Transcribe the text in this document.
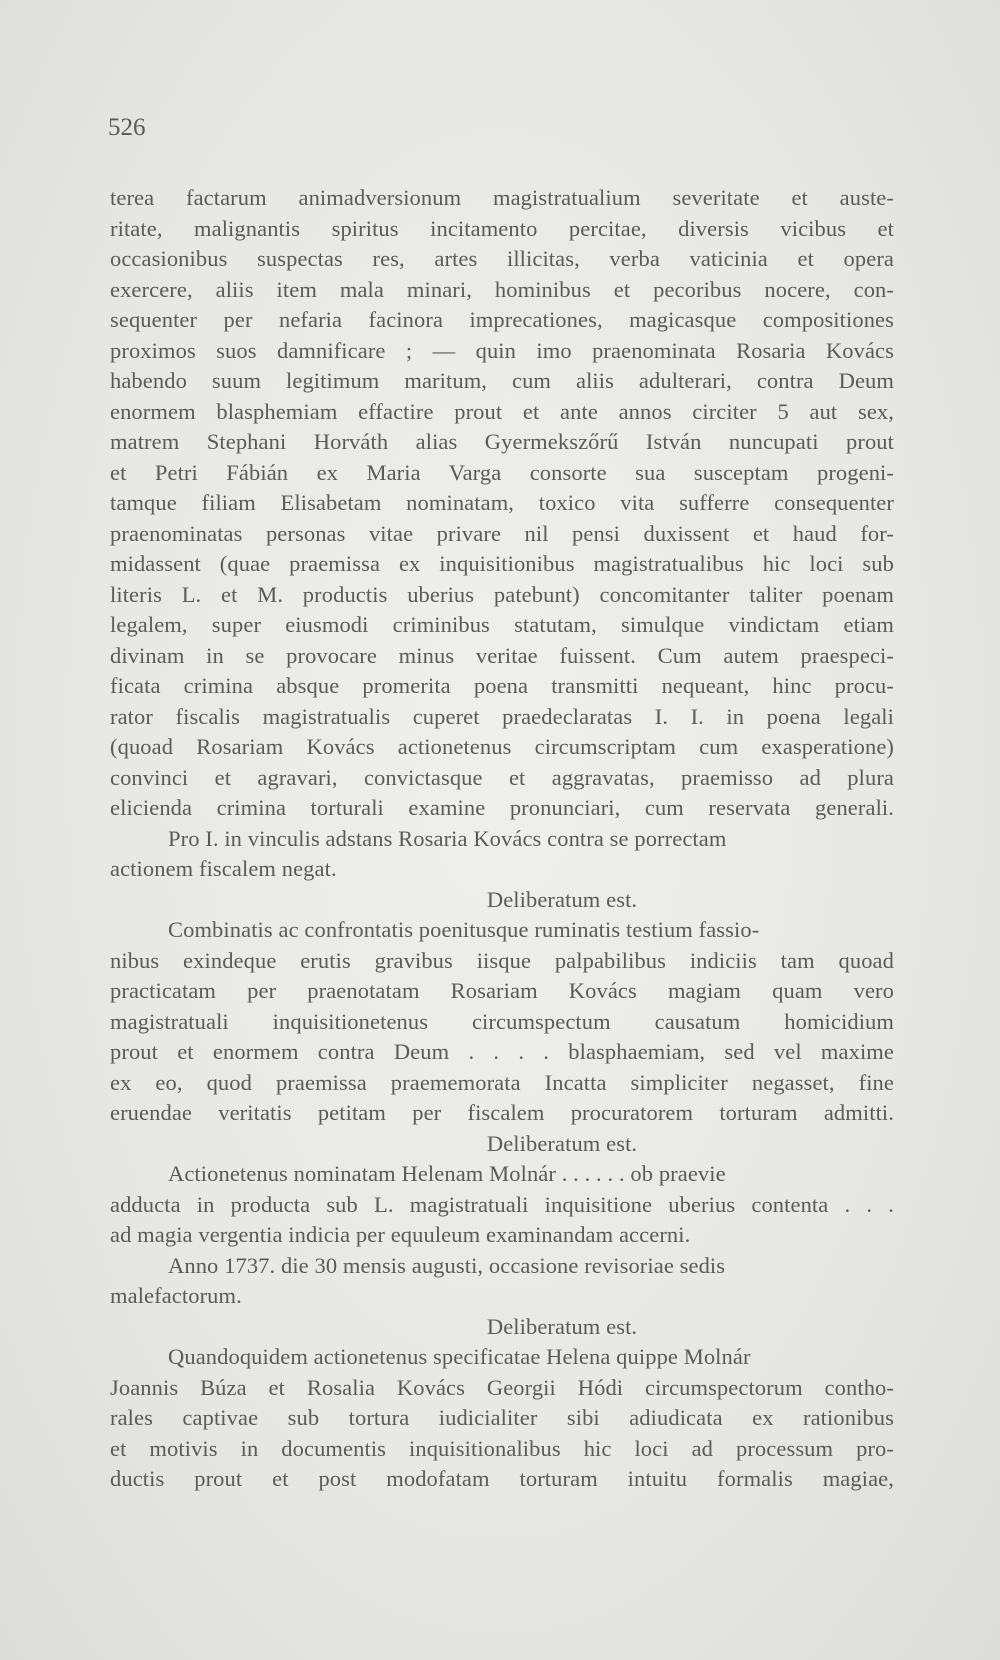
526
terea factarum animadversionum magistratualium severitate et auste-
ritate, malignantis spiritus incitamento percitae, diversis vicibus et
occasionibus suspectas res, artes illicitas, verba vaticinia et opera
exercere, aliis item mala minari, hominibus et pecoribus nocere, con-
sequenter per nefaria facinora imprecationes, magicasque compositiones
proximos suos damnificare ; — quin imo praenominata Rosaria Kovács
habendo suum legitimum maritum, cum aliis adulterari, contra Deum
enormem blasphemiam effactire prout et ante annos circiter 5 aut sex,
matrem Stephani Horváth alias Gyermekszőrű István nuncupati prout
et Petri Fábián ex Maria Varga consorte sua susceptam progeni-
tamque filiam Elisabetam nominatam, toxico vita sufferre consequenter
praenominatas personas vitae privare nil pensi duxissent et haud for-
midassent (quae praemissa ex inquisitionibus magistratualibus hic loci sub
literis L. et M. productis uberius patebunt) concomitanter taliter poenam
legalem, super eiusmodi criminibus statutam, simulque vindictam etiam
divinam in se provocare minus veritae fuissent. Cum autem praespeci-
ficata crimina absque promerita poena transmitti nequeant, hinc procu-
rator fiscalis magistratualis cuperet praedeclaratas I. I. in poena legali
(quoad Rosariam Kovács actionetenus circumscriptam cum exasperatione)
convinci et agravari, convictasque et aggravatas, praemisso ad plura
elicienda crimina torturali examine pronunciari, cum reservata generali.
Pro I. in vinculis adstans Rosaria Kovács contra se porrectam
actionem fiscalem negat.
Deliberatum est.
Combinatis ac confrontatis poenitusque ruminatis testium fassio-
nibus exindeque erutis gravibus iisque palpabilibus indiciis tam quoad
practicatam per praenotatam Rosariam Kovács magiam quam vero
magistratuali inquisitionetenus circumspectum causatum homicidium
prout et enormem contra Deum . . . . blasphaemiam, sed vel maxime
ex eo, quod praemissa praememorata Incatta simpliciter negasset, fine
eruendae veritatis petitam per fiscalem procuratorem torturam admitti.
Deliberatum est.
Actionetenus nominatam Helenam Molnár . . . . . . ob praevie
adducta in producta sub L. magistratuali inquisitione uberius contenta . . .
ad magia vergentia indicia per equuleum examinandam accerni.
Anno 1737. die 30 mensis augusti, occasione revisoriae sedis
malefactorum.
Deliberatum est.
Quandoquidem actionetenus specificatae Helena quippe Molnár
Joannis Búza et Rosalia Kovács Georgii Hódi circumspectorum contho-
rales captivae sub tortura iudicialiter sibi adiudicata ex rationibus
et motivis in documentis inquisitionalibus hic loci ad processum pro-
ductis prout et post modofatam torturam intuitu formalis magiae,
